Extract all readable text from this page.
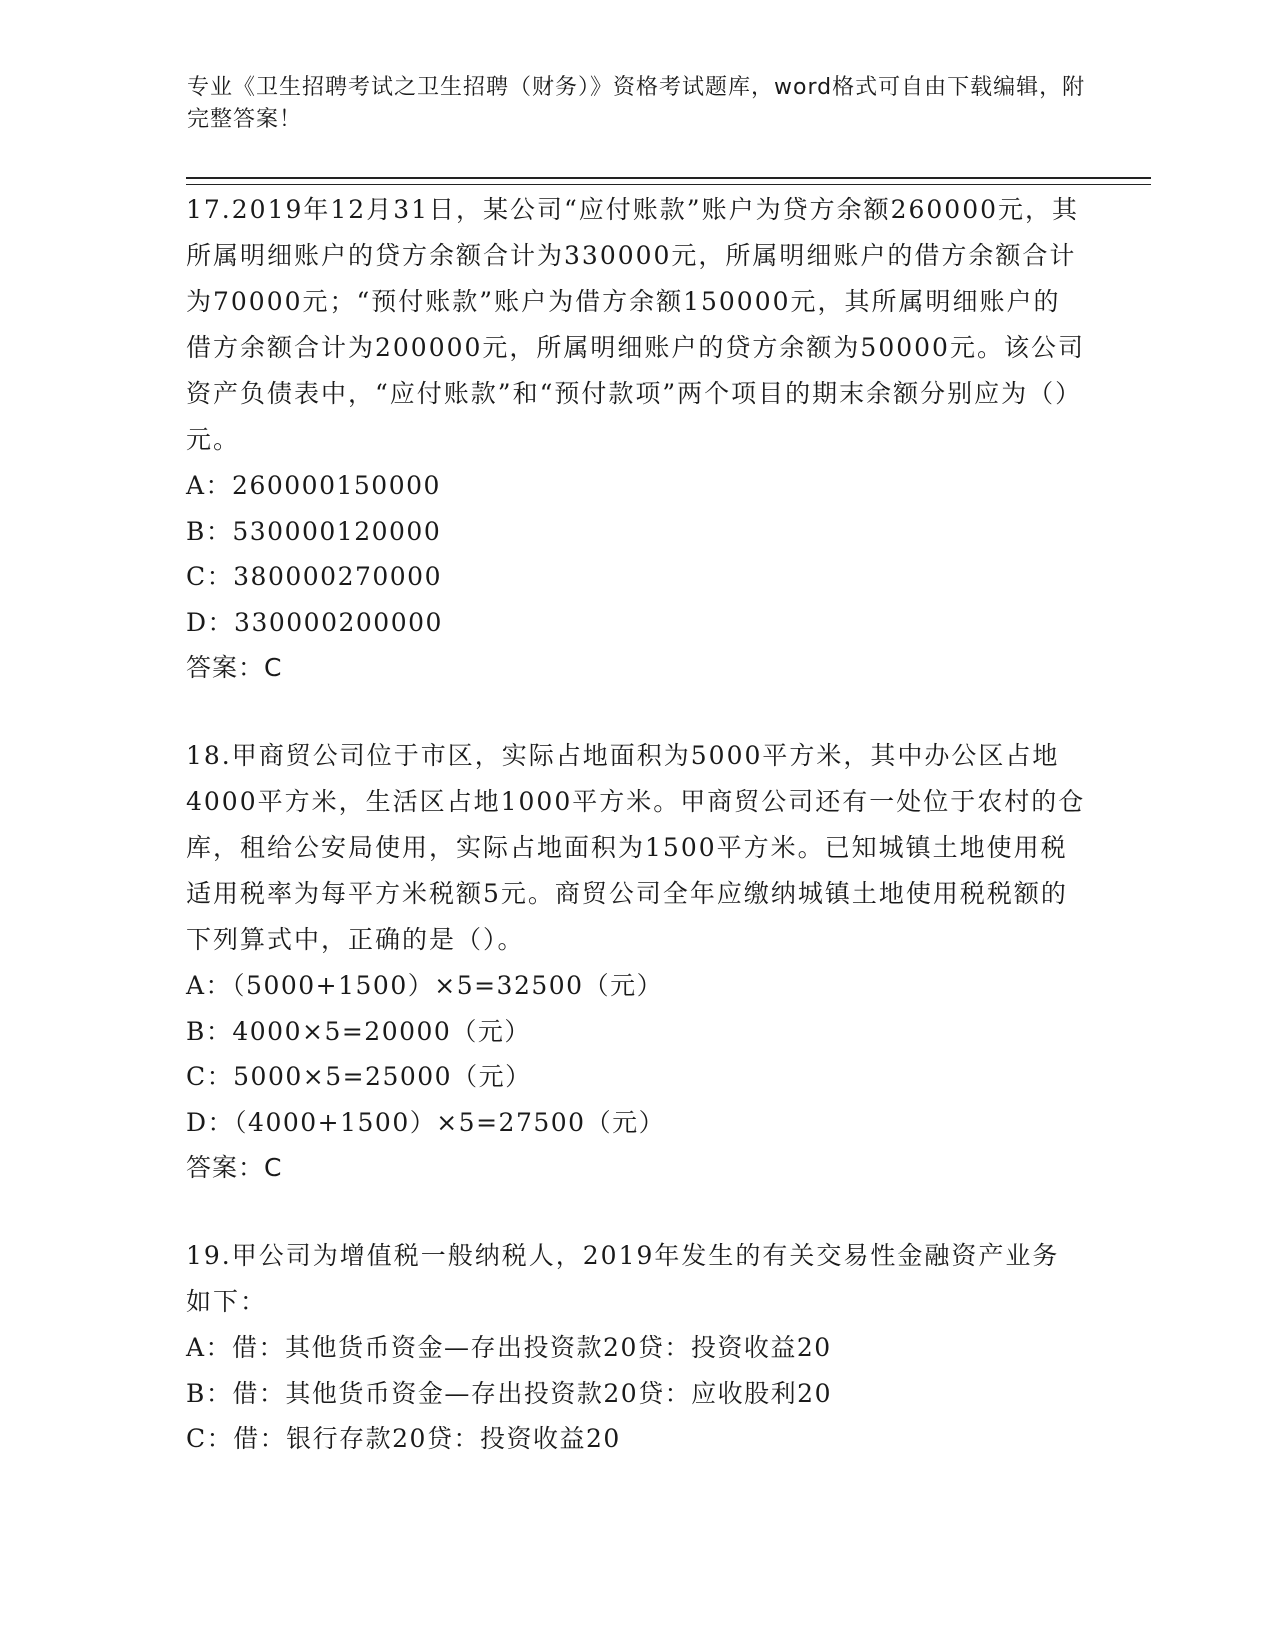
专业《卫生招聘考试之卫生招聘（财务）》资格考试题库，word格式可自由下载编辑，附完整答案！

17.2019年12月31日，某公司“应付账款”账户为贷方余额260000元，其所属明细账户的贷方余额合计为330000元，所属明细账户的借方余额合计为70000元；“预付账款”账户为借方余额150000元，其所属明细账户的借方余额合计为200000元，所属明细账户的贷方余额为50000元。该公司资产负债表中，“应付账款”和“预付款项”两个项目的期末余额分别应为（）元。

A：260000150000

B：530000120000

C：380000270000

D：330000200000

答案：C

18.甲商贸公司位于市区，实际占地面积为5000平方米，其中办公区占地4000平方米，生活区占地1000平方米。甲商贸公司还有一处位于农村的仓库，租给公安局使用，实际占地面积为1500平方米。已知城镇土地使用税适用税率为每平方米税额5元。商贸公司全年应缴纳城镇土地使用税税额的下列算式中，正确的是（）。

A：（5000+1500）×5=32500（元）

B：4000×5=20000（元）

C：5000×5=25000（元）

D：（4000+1500）×5=27500（元）

答案：C

19.甲公司为增值税一般纳税人，2019年发生的有关交易性金融资产业务如下：

A：借：其他货币资金—存出投资款20贷：投资收益20

B：借：其他货币资金—存出投资款20贷：应收股利20

C：借：银行存款20贷：投资收益20
